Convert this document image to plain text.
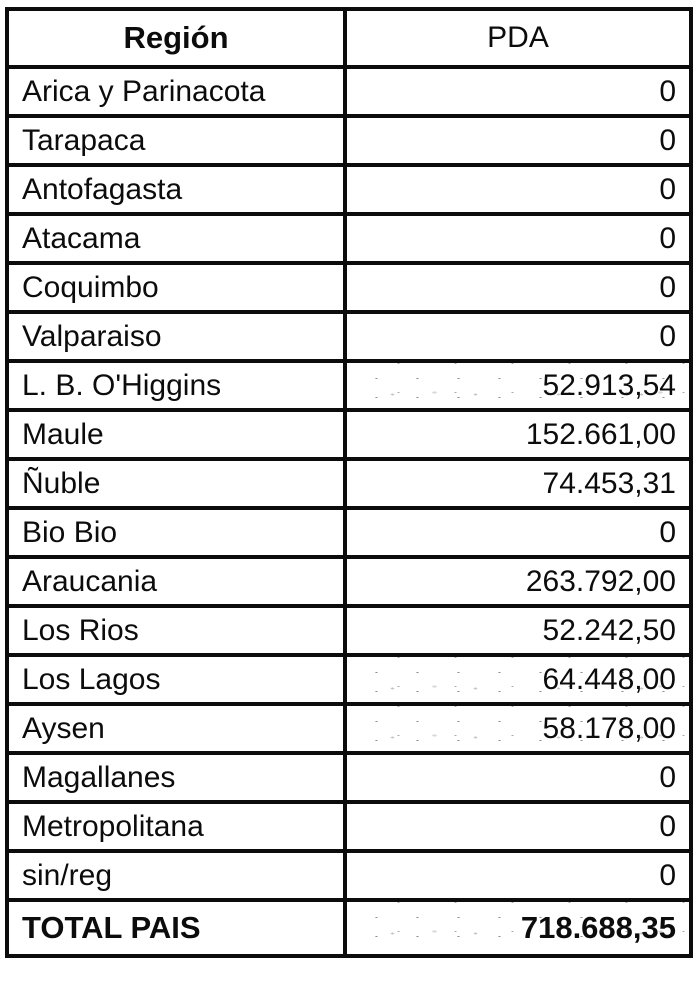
Región	PDA
Arica y Parinacota	0
Tarapaca	0
Antofagasta	0
Atacama	0
Coquimbo	0
Valparaiso	0
L. B. O'Higgins	52.913,54
Maule	152.661,00
Ñuble	74.453,31
Bio Bio	0
Araucania	263.792,00
Los Rios	52.242,50
Los Lagos	64.448,00
Aysen	58.178,00
Magallanes	0
Metropolitana	0
sin/reg	0
TOTAL PAIS	718.688,35
